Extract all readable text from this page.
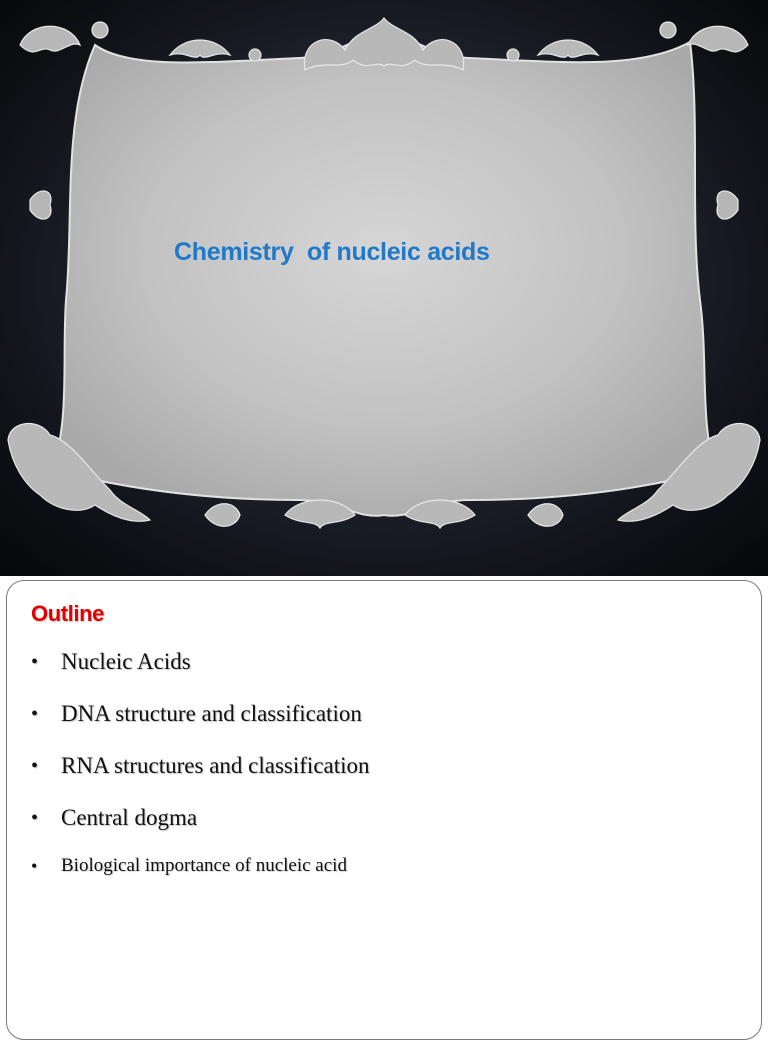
Chemistry  of nucleic acids
Outline
• Nucleic Acids
• DNA structure and classification
• RNA structures and classification
• Central dogma
• Biological importance of nucleic acid
